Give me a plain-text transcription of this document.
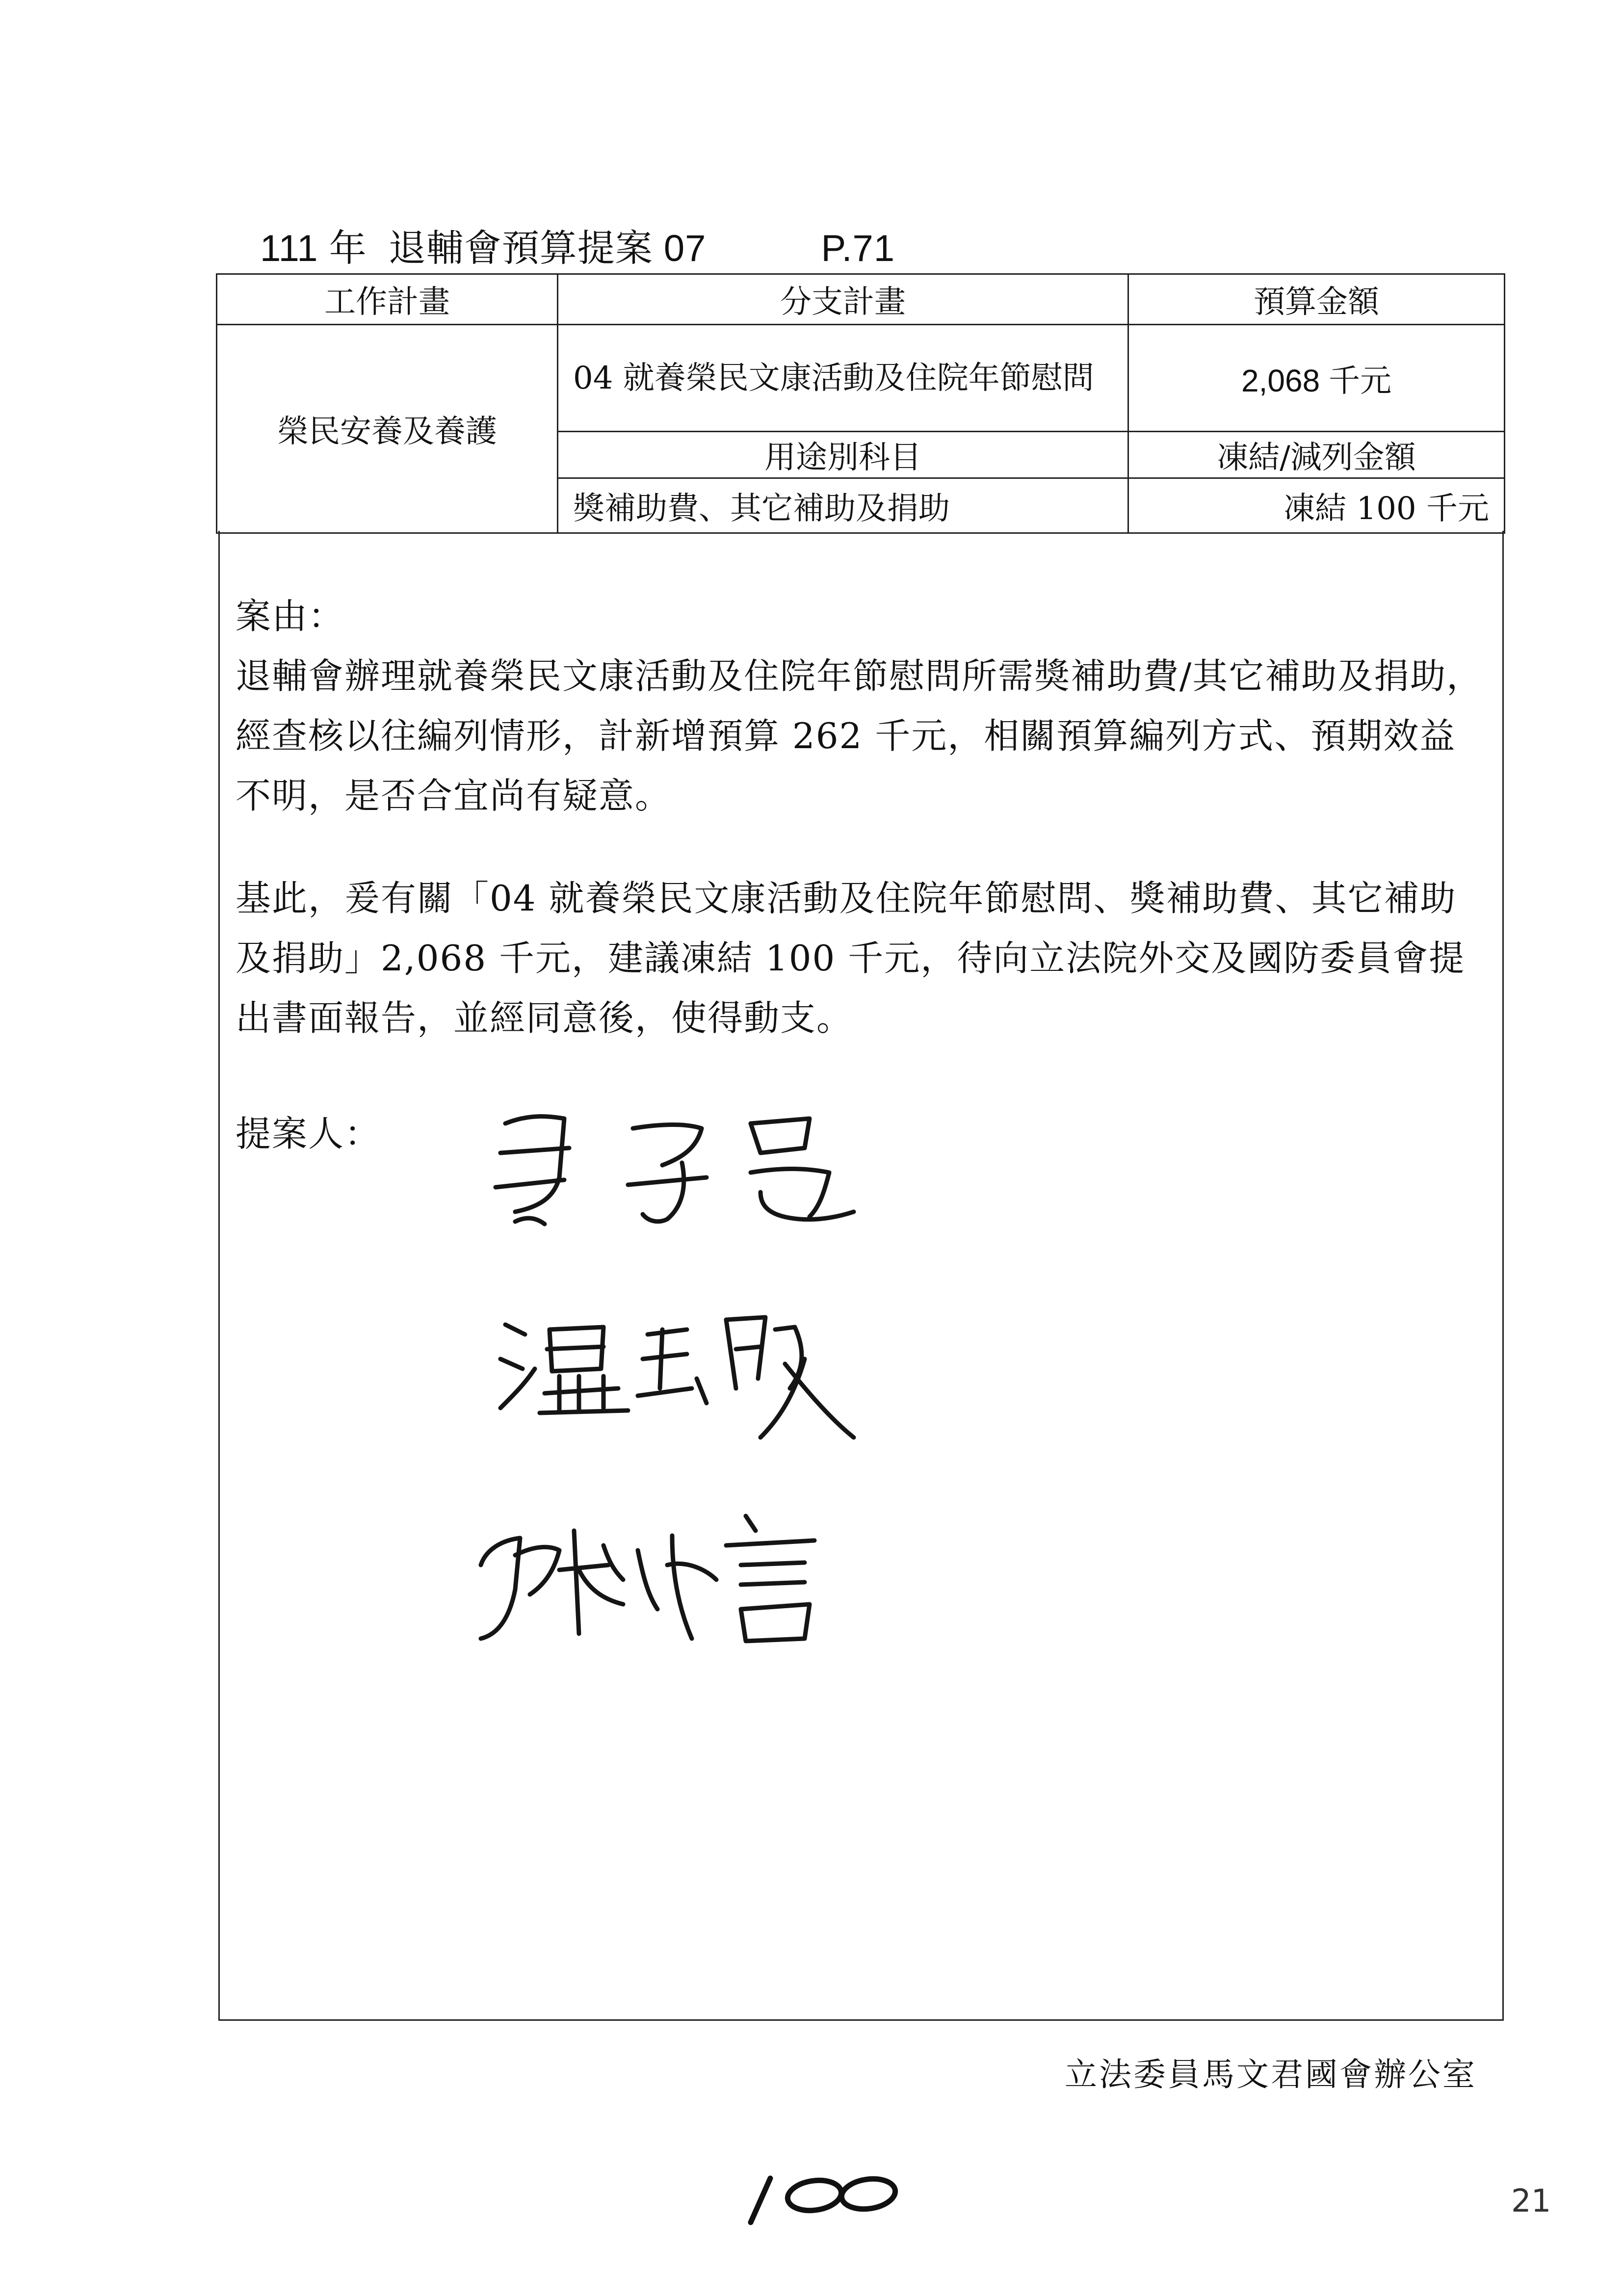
111 年 退輔會預算提案 07	P.71
工作計畫	分支計畫	預算金額
榮民安養及養護	04 就養榮民文康活動及住院年節慰問	2,068 千元
	用途別科目	凍結/減列金額
	獎補助費、其它補助及捐助	凍結 100 千元
案由：
退輔會辦理就養榮民文康活動及住院年節慰問所需獎補助費/其它補助及捐助，經查核以往編列情形，計新增預算 262 千元，相關預算編列方式、預期效益不明，是否合宜尚有疑意。
基此，爰有關「04 就養榮民文康活動及住院年節慰問、獎補助費、其它補助及捐助」2,068 千元，建議凍結 100 千元，待向立法院外交及國防委員會提出書面報告，並經同意後，使得動支。
提案人：
立法委員馬文君國會辦公室
21
